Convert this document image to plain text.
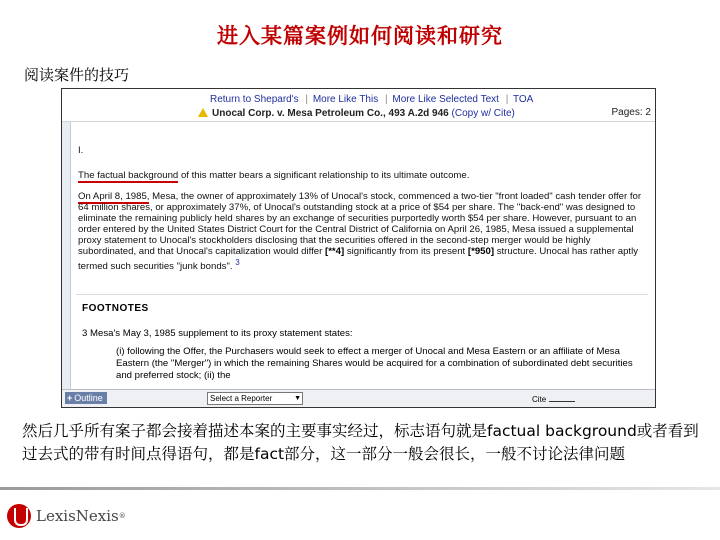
进入某篇案例如何阅读和研究
阅读案件的技巧
Return to Shepard's | More Like This | More Like Selected Text | TOA
Unocal Corp. v. Mesa Petroleum Co., 493 A.2d 946 (Copy w/ Cite)	Pages: 2

I.

The factual background of this matter bears a significant relationship to its ultimate outcome.

On April 8, 1985, Mesa, the owner of approximately 13% of Unocal's stock, commenced a two-tier "front loaded" cash tender offer for 64 million shares, or approximately 37%, of Unocal's outstanding stock at a price of $54 per share. The "back-end" was designed to eliminate the remaining publicly held shares by an exchange of securities purportedly worth $54 per share. However, pursuant to an order entered by the United States District Court for the Central District of California on April 26, 1985, Mesa issued a supplemental proxy statement to Unocal's stockholders disclosing that the securities offered in the second-step merger would be highly subordinated, and that Unocal's capitalization would differ [**4] significantly from its present [*950] structure. Unocal has rather aptly termed such securities "junk bonds". $^3$

FOOTNOTES
3 Mesa's May 3, 1985 supplement to its proxy statement states:
(i) following the Offer, the Purchasers would seek to effect a merger of Unocal and Mesa Eastern or an affiliate of Mesa Eastern (the "Merger") in which the remaining Shares would be acquired for a combination of subordinated debt securities and preferred stock; (ii) the
+ Outline	Select a Reporter	▼	Cite
然后几乎所有案子都会接着描述本案的主要事实经过，标志语句就是factual background或者看到过去式的带有时间点得语句，都是fact部分，这一部分一般会很长，一般不讨论法律问题
LexisNexis ®
